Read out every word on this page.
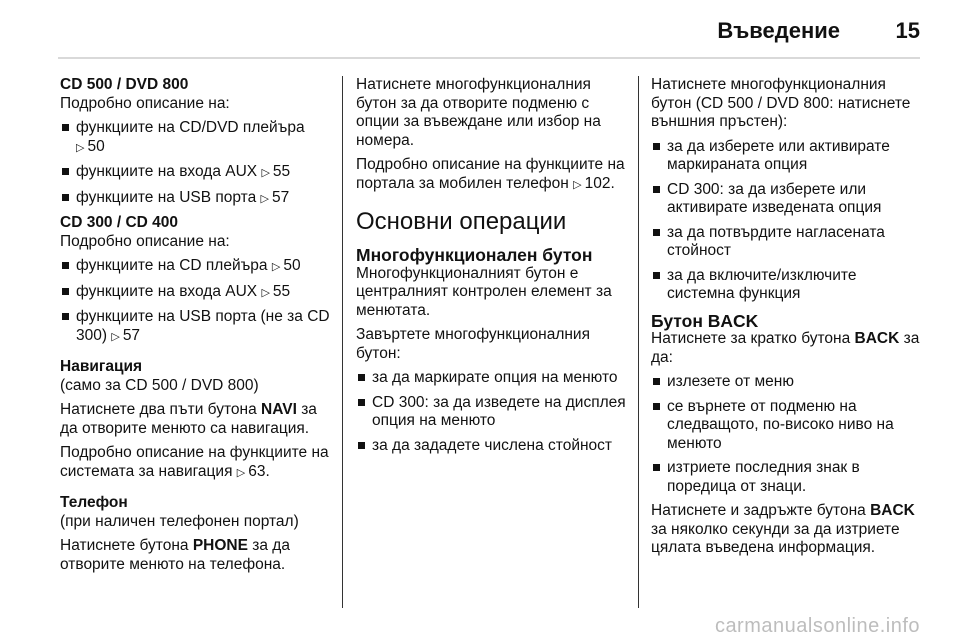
Въведение	15
CD 500 / DVD 800

Подробно описание на:

функциите на CD/DVD плейъра ▷ 50
функциите на входа AUX ▷ 55
функциите на USB порта ▷ 57
CD 300 / CD 400

Подробно описание на:

функциите на CD плейъра ▷ 50
функциите на входа AUX ▷ 55
функциите на USB порта (не за CD 300) ▷ 57
Навигация

(само за CD 500 / DVD 800)

Натиснете два пъти бутона NAVI за да отворите менюто са навигация.

Подробно описание на функциите на системата за навигация ▷ 63.

Телефон

(при наличен телефонен портал)

Натиснете бутона PHONE за да отворите менюто на телефона.

Натиснете многофункционалния бутон за да отворите подменю с опции за въвеждане или избор на номера.

Подробно описание на функциите на портала за мобилен телефон ▷ 102.

Основни операции
Многофункционален бутон

Многофункционалният бутон е централният контролен елемент за менютата.

Завъртете многофункционалния бутон:

за да маркирате опция на менюто
CD 300: за да изведете на дисплея опция на менюто
за да зададете числена стойност

Натиснете многофункционалния бутон (CD 500 / DVD 800: натиснете външния пръстен):

за да изберете или активирате маркираната опция
CD 300: за да изберете или активирате изведената опция
за да потвърдите нагласената стойност
за да включите/изключите системна функция
Бутон BACK

Натиснете за кратко бутона BACK за да:

излезете от меню
се върнете от подменю на следващото, по-високо ниво на менюто
изтриете последния знак в поредица от знаци.

Натиснете и задръжте бутона BACK за няколко секунди за да изтриете цялата въведена информация.

carmanualsonline.info
